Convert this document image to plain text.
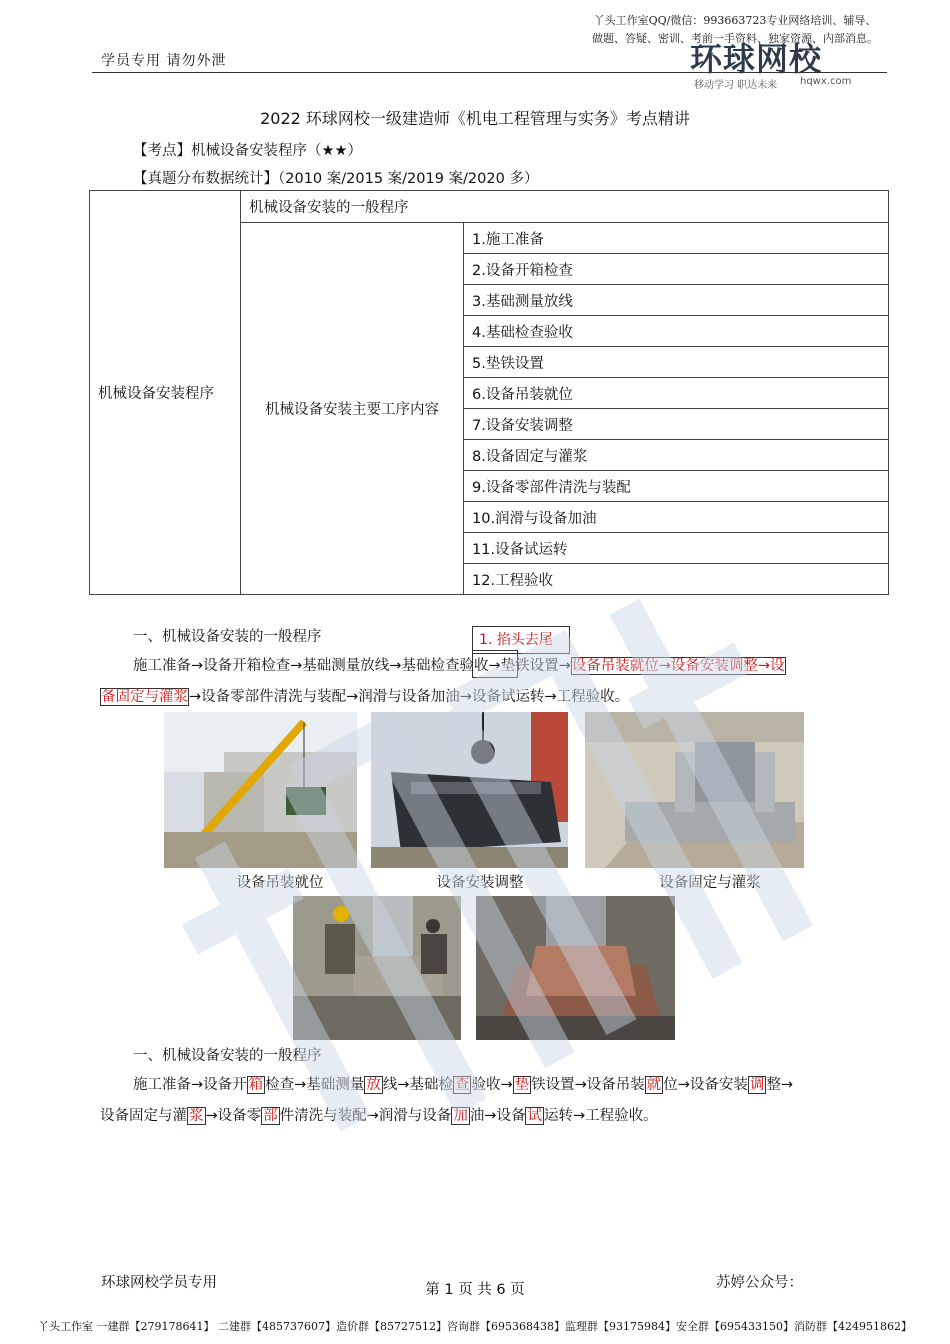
丫头工作室QQ/微信：993663723专业网络培训、辅导、
做题、答疑、密训、考前一手资料、独家资源、内部消息。
学员专用 请勿外泄	环球网校
移动学习 职达未来 hqwx.com
2022 环球网校一级建造师《机电工程管理与实务》考点精讲
【考点】机械设备安装程序（★★）
【真题分布数据统计】（2010 案/2015 案/2019 案/2020 多）
机械设备安装程序	机械设备安装的一般程序	
	机械设备安装主要工序内容	1.施工准备
		2.设备开箱检查
		3.基础测量放线
		4.基础检查验收
		5.垫铁设置
		6.设备吊装就位
		7.设备安装调整
		8.设备固定与灌浆
		9.设备零部件清洗与装配
		10.润滑与设备加油
		11.设备试运转
		12.工程验收
一、机械设备安装的一般程序	1. 掐头去尾
施工准备→设备开箱检查→基础测量放线→基础检查验收→垫铁设置→设备吊装就位→设备安装调整→设
备固定与灌浆→设备零部件清洗与装配→润滑与设备加油→设备试运转→工程验收。
设备吊装就位	设备安装调整	设备固定与灌浆
一、机械设备安装的一般程序
施工准备→设备开 箱 检查→基础测量 放 线→基础检 查 验收→ 垫 铁设置→设备吊装 就 位→设备安装 调 整→
设备固定与灌 浆 →设备零 部 件清洗与装配→润滑与设备 加 油→设备 试 运转→工程验收。
环球网校学员专用	第 1 页 共 6 页	苏婷公众号：
丫头工作室 一建群【279178641】 二建群【485737607】造价群【85727512】咨询群【695368438】监理群【93175984】安全群【695433150】消防群【424951862】
